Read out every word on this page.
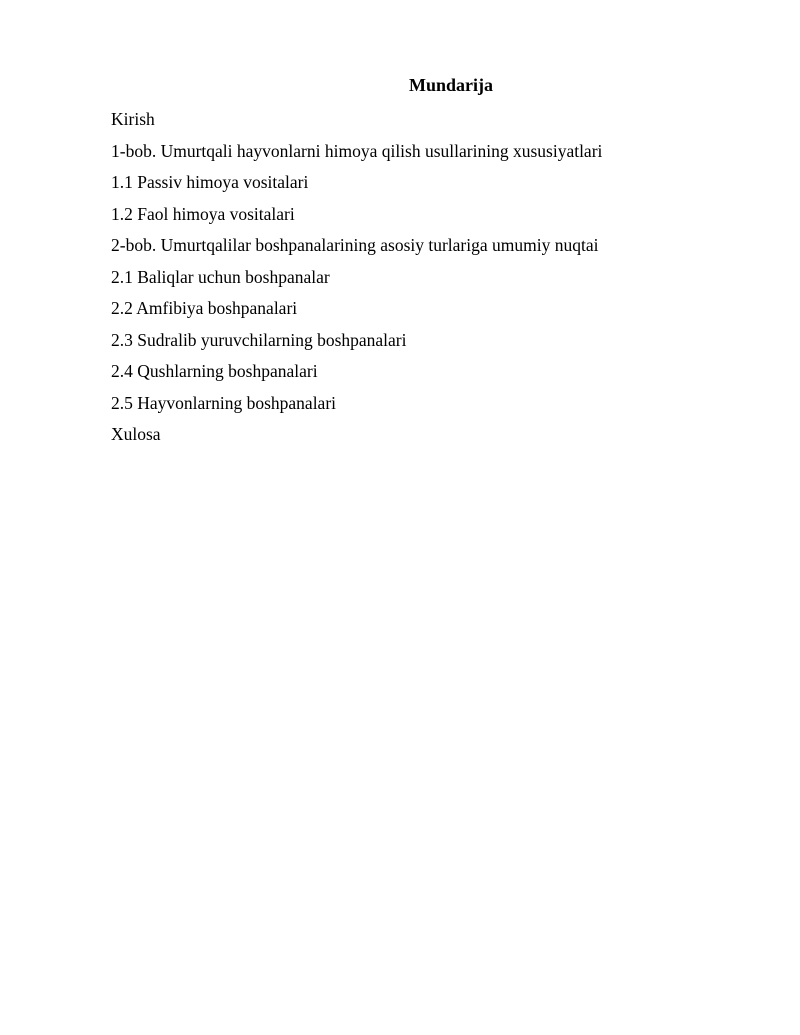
Mundarija
Kirish
1-bob. Umurtqali hayvonlarni himoya qilish usullarining xususiyatlari
1.1 Passiv himoya vositalari
1.2 Faol himoya vositalari
2-bob. Umurtqalilar boshpanalarining asosiy turlariga umumiy nuqtai
2.1 Baliqlar uchun boshpanalar
2.2 Amfibiya boshpanalari
2.3 Sudralib yuruvchilarning boshpanalari
2.4 Qushlarning boshpanalari
2.5 Hayvonlarning boshpanalari
Xulosa
